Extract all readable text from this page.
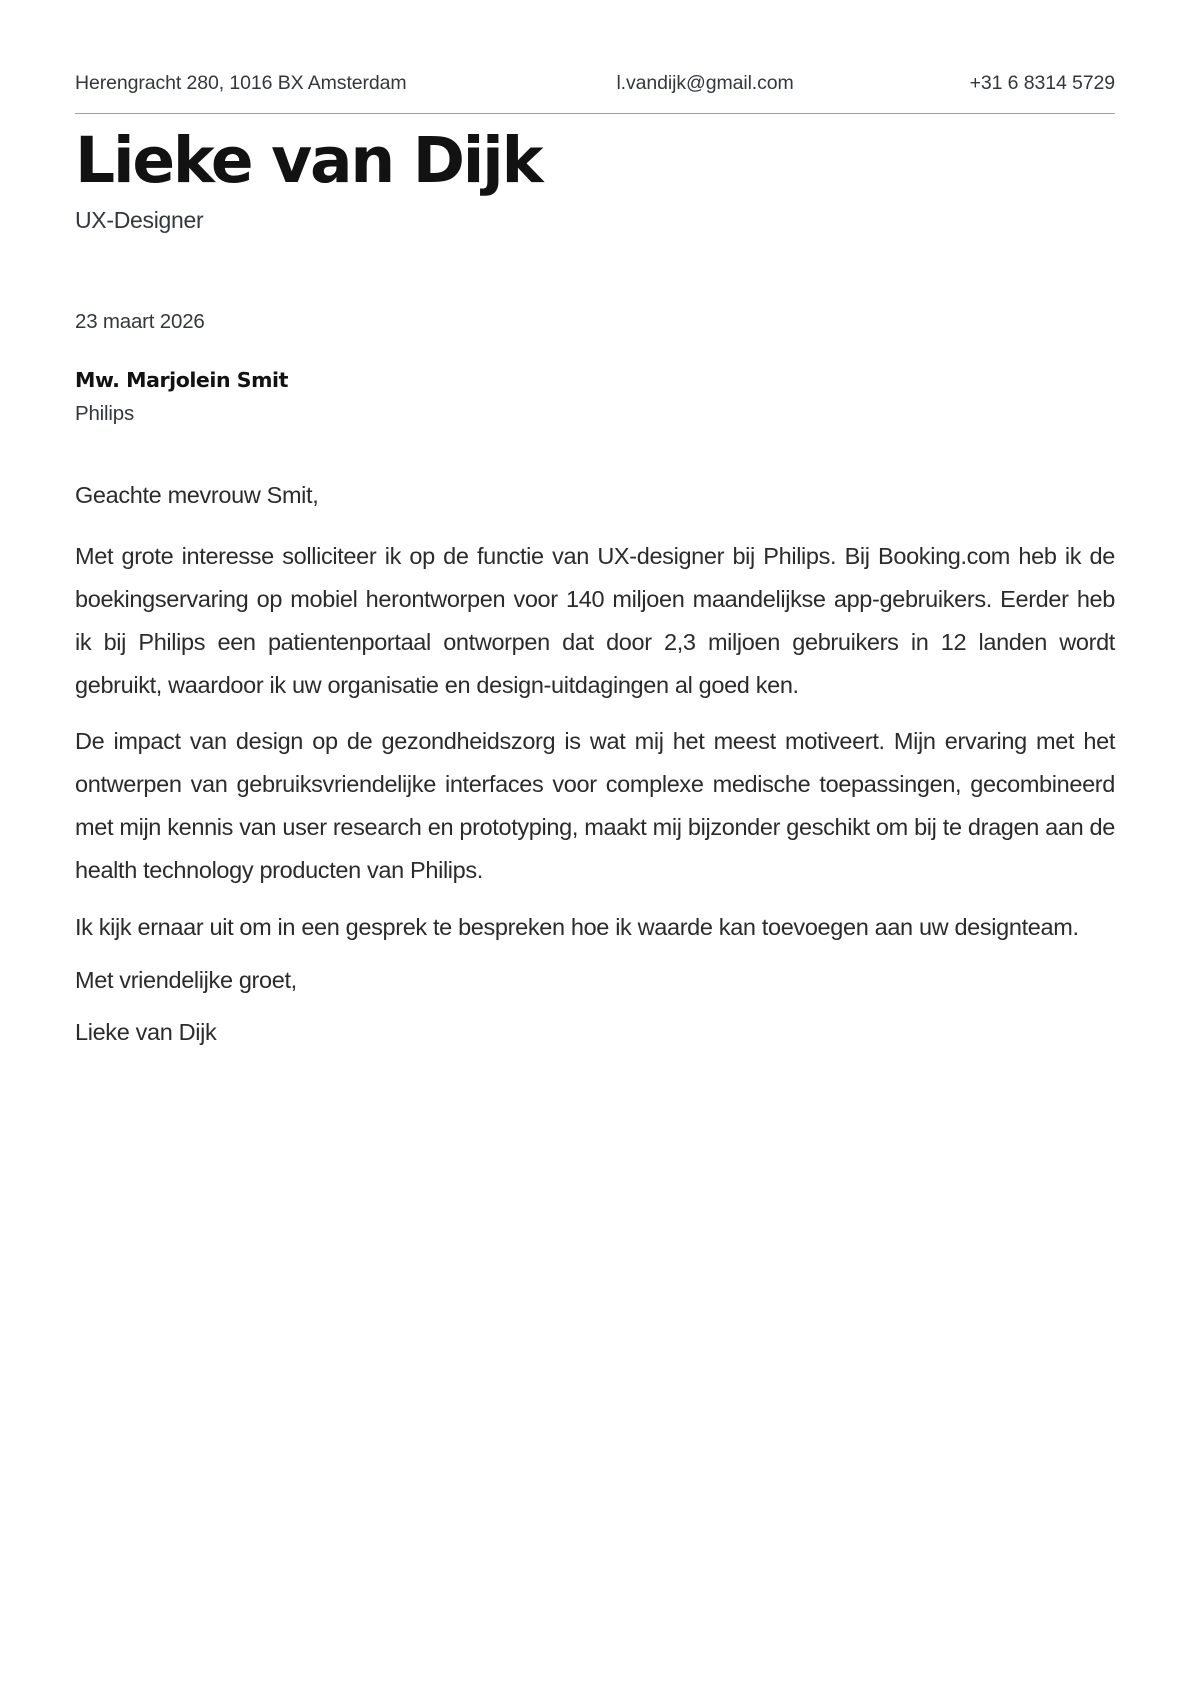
Herengracht 280, 1016 BX Amsterdam	l.vandijk@gmail.com	+31 6 8314 5729
Lieke van Dijk

UX-Designer

23 maart 2026

Mw. Marjolein Smit

Philips

Geachte mevrouw Smit,

Met grote interesse solliciteer ik op de functie van UX-designer bij Philips. Bij Booking.com heb ik de boekingservaring op mobiel herontworpen voor 140 miljoen maandelijkse app-gebruikers. Eerder heb ik bij Philips een patientenportaal ontworpen dat door 2,3 miljoen gebruikers in 12 landen wordt gebruikt, waardoor ik uw organisatie en design-uitdagingen al goed ken.

De impact van design op de gezondheidszorg is wat mij het meest motiveert. Mijn ervaring met het ontwerpen van gebruiksvriendelijke interfaces voor complexe medische toepassingen, gecombineerd met mijn kennis van user research en prototyping, maakt mij bijzonder geschikt om bij te dragen aan de health technology producten van Philips.

Ik kijk ernaar uit om in een gesprek te bespreken hoe ik waarde kan toevoegen aan uw designteam.

Met vriendelijke groet,

Lieke van Dijk
